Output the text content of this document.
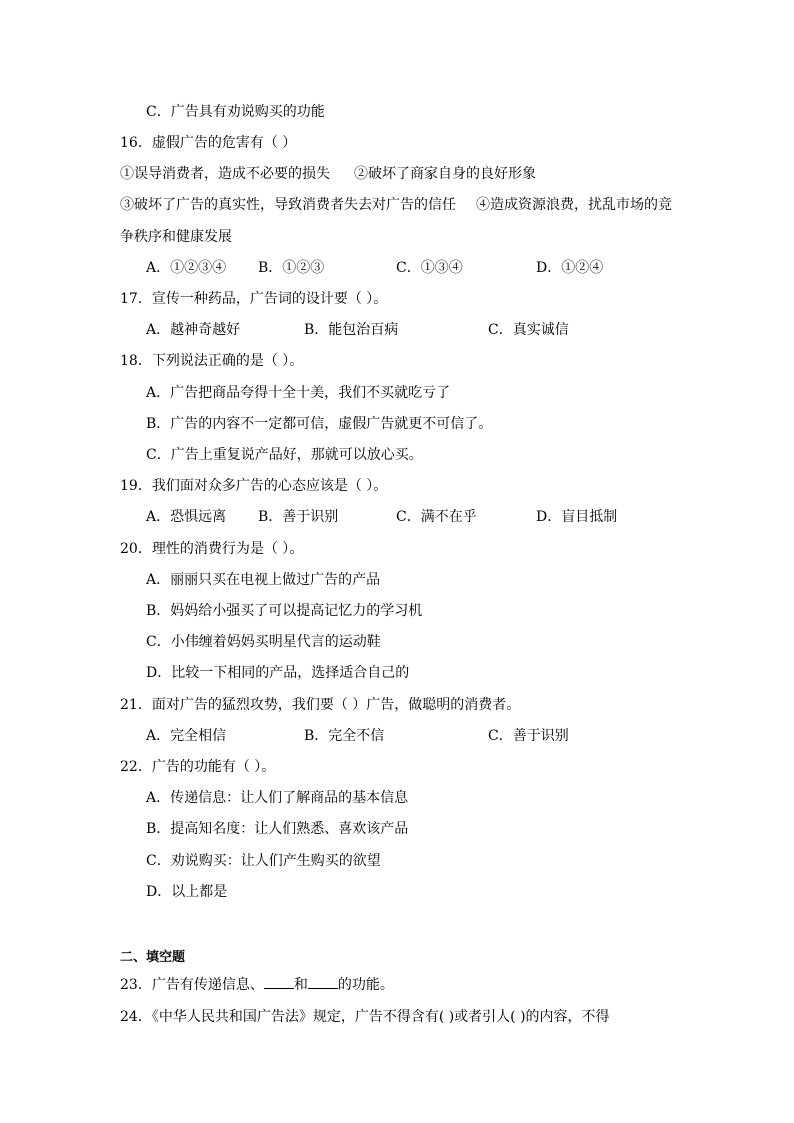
C．广告具有劝说购买的功能
16．虚假广告的危害有（ ）
①误导消费者，造成不必要的损失 ②破坏了商家自身的良好形象
③破坏了广告的真实性，导致消费者失去对广告的信任 ④造成资源浪费，扰乱市场的竞
争秩序和健康发展
A．①②③④ B．①②③	C．①③④	D．①②④
17．宣传一种药品，广告词的设计要（ ）。
A．越神奇越好	B．能包治百病	C．真实诚信
18．下列说法正确的是（ ）。
A．广告把商品夸得十全十美，我们不买就吃亏了
B．广告的内容不一定都可信，虚假广告就更不可信了。
C．广告上重复说产品好，那就可以放心买。
19．我们面对众多广告的心态应该是（ ）。
A．恐惧远离 B．善于识别	C．满不在乎	D．盲目抵制
20．理性的消费行为是（ ）。
A．丽丽只买在电视上做过广告的产品
B．妈妈给小强买了可以提高记忆力的学习机
C．小伟缠着妈妈买明星代言的运动鞋
D．比较一下相同的产品，选择适合自己的
21．面对广告的猛烈攻势，我们要（ ）广告，做聪明的消费者。
A．完全相信	B．完全不信	C．善于识别
22．广告的功能有（ ）。
A．传递信息：让人们了解商品的基本信息
B．提高知名度：让人们熟悉、喜欢该产品
C．劝说购买：让人们产生购买的欲望
D．以上都是
二、填空题
23．广告有传递信息、 和 的功能。
24．《中华人民共和国广告法》规定，广告不得含有( )或者引人( )的内容，不得
